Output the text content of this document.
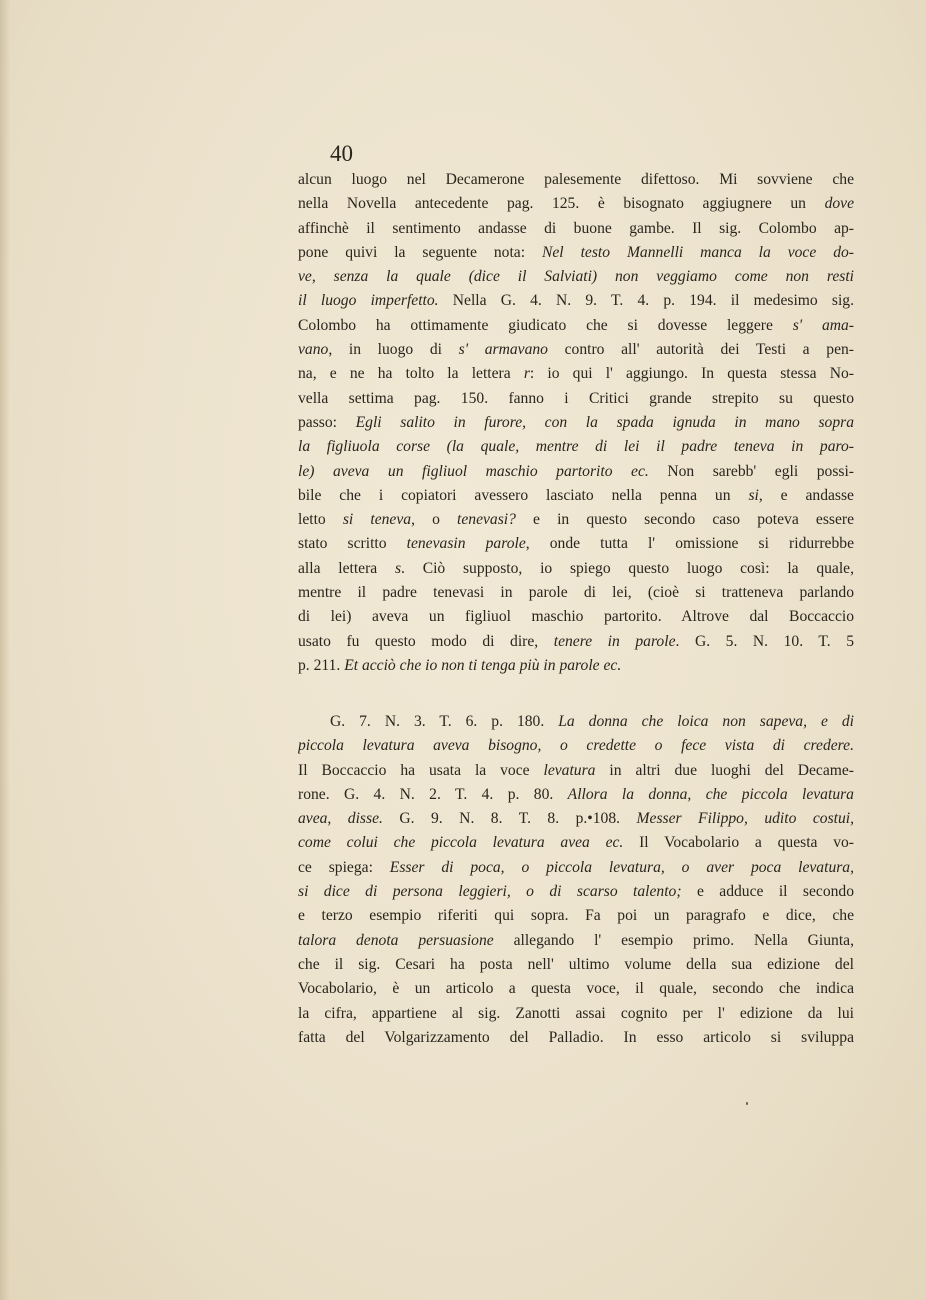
40
alcun luogo nel Decamerone palesemente difettoso. Mi sovviene che
nella Novella antecedente pag. 125. è bisognato aggiugnere un dove
affinchè il sentimento andasse di buone gambe. Il sig. Colombo ap-
pone quivi la seguente nota: Nel testo Mannelli manca la voce do-
ve, senza la quale (dice il Salviati) non veggiamo come non resti
il luogo imperfetto. Nella G. 4. N. 9. T. 4. p. 194. il medesimo sig.
Colombo ha ottimamente giudicato che si dovesse leggere s' ama-
vano, in luogo di s' armavano contro all' autorità dei Testi a pen-
na, e ne ha tolto la lettera r: io qui l' aggiungo. In questa stessa No-
vella settima pag. 150. fanno i Critici grande strepito su questo
passo: Egli salito in furore, con la spada ignuda in mano sopra
la figliuola corse (la quale, mentre di lei il padre teneva in paro-
le) aveva un figliuol maschio partorito ec. Non sarebb' egli possi-
bile che i copiatori avessero lasciato nella penna un si, e andasse
letto si teneva, o tenevasi? e in questo secondo caso poteva essere
stato scritto tenevasin parole, onde tutta l' omissione si ridurrebbe
alla lettera s. Ciò supposto, io spiego questo luogo così: la quale,
mentre il padre tenevasi in parole di lei, (cioè si tratteneva parlando
di lei) aveva un figliuol maschio partorito. Altrove dal Boccaccio
usato fu questo modo di dire, tenere in parole. G. 5. N. 10. T. 5
p. 211. Et acciò che io non ti tenga più in parole ec.
G. 7. N. 3. T. 6. p. 180. La donna che loica non sapeva, e di
piccola levatura aveva bisogno, o credette o fece vista di credere.
Il Boccaccio ha usata la voce levatura in altri due luoghi del Decame-
rone. G. 4. N. 2. T. 4. p. 80. Allora la donna, che piccola levatura
avea, disse. G. 9. N. 8. T. 8. p.•108. Messer Filippo, udito costui,
come colui che piccola levatura avea ec. Il Vocabolario a questa vo-
ce spiega: Esser di poca, o piccola levatura, o aver poca levatura,
si dice di persona leggieri, o di scarso talento; e adduce il secondo
e terzo esempio riferiti qui sopra. Fa poi un paragrafo e dice, che
talora denota persuasione allegando l' esempio primo. Nella Giunta,
che il sig. Cesari ha posta nell' ultimo volume della sua edizione del
Vocabolario, è un articolo a questa voce, il quale, secondo che indica
la cifra, appartiene al sig. Zanotti assai cognito per l' edizione da lui
fatta del Volgarizzamento del Palladio. In esso articolo si sviluppa
